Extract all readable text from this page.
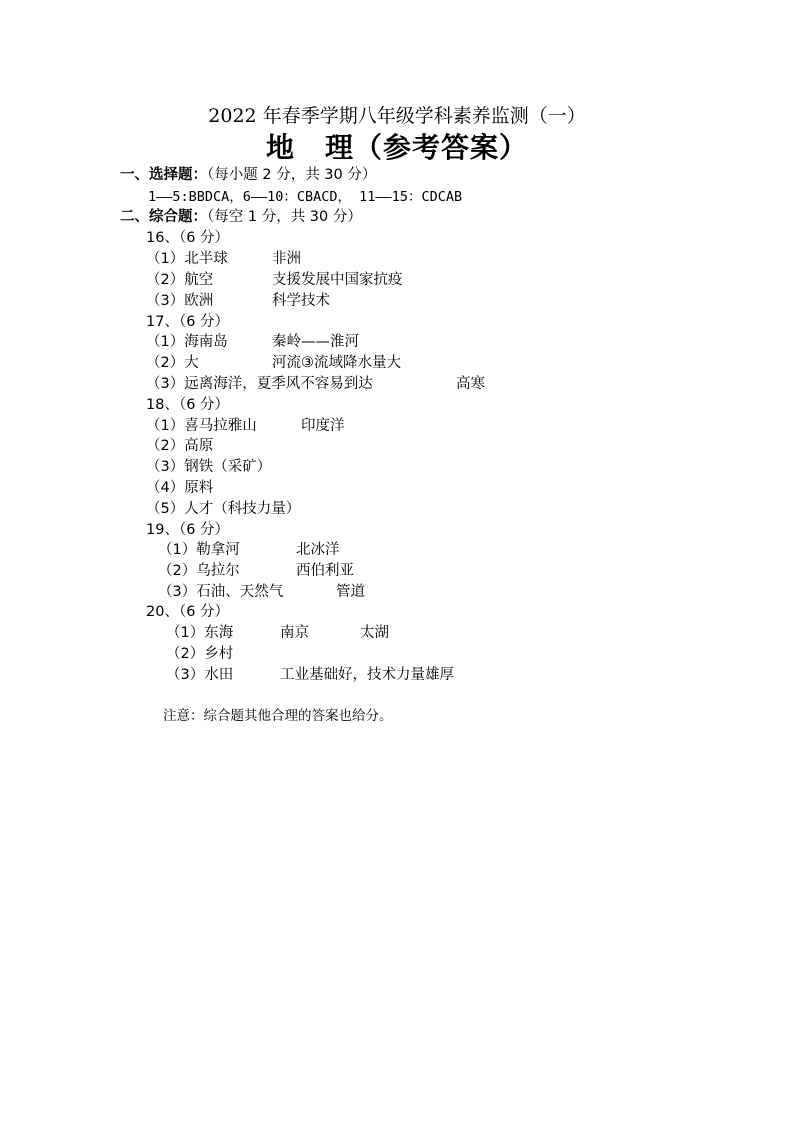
2022 年春季学期八年级学科素养监测（一）
地 理（参考答案）
一、选择题：（每小题 2 分，共 30 分）
1——5:BBDCA，6——10：CBACD， 11——15：CDCAB
二、综合题：（每空 1 分，共 30 分）
16、（6 分）
（1）北半球	非洲
（2）航空	支援发展中国家抗疫
（3）欧洲	科学技术
17、（6 分）
（1）海南岛	秦岭——淮河
（2）大	河流③流域降水量大
（3）远离海洋，夏季风不容易到达	高寒
18、（6 分）
（1）喜马拉雅山	印度洋
（2）高原
（3）钢铁（采矿）
（4）原料
（5）人才（科技力量）
19、（6 分）
（1）勒拿河	北冰洋
（2）乌拉尔	西伯利亚
（3）石油、天然气	管道
20、（6 分）
（1）东海	南京	太湖
（2）乡村
（3）水田	工业基础好，技术力量雄厚
注意：综合题其他合理的答案也给分。
